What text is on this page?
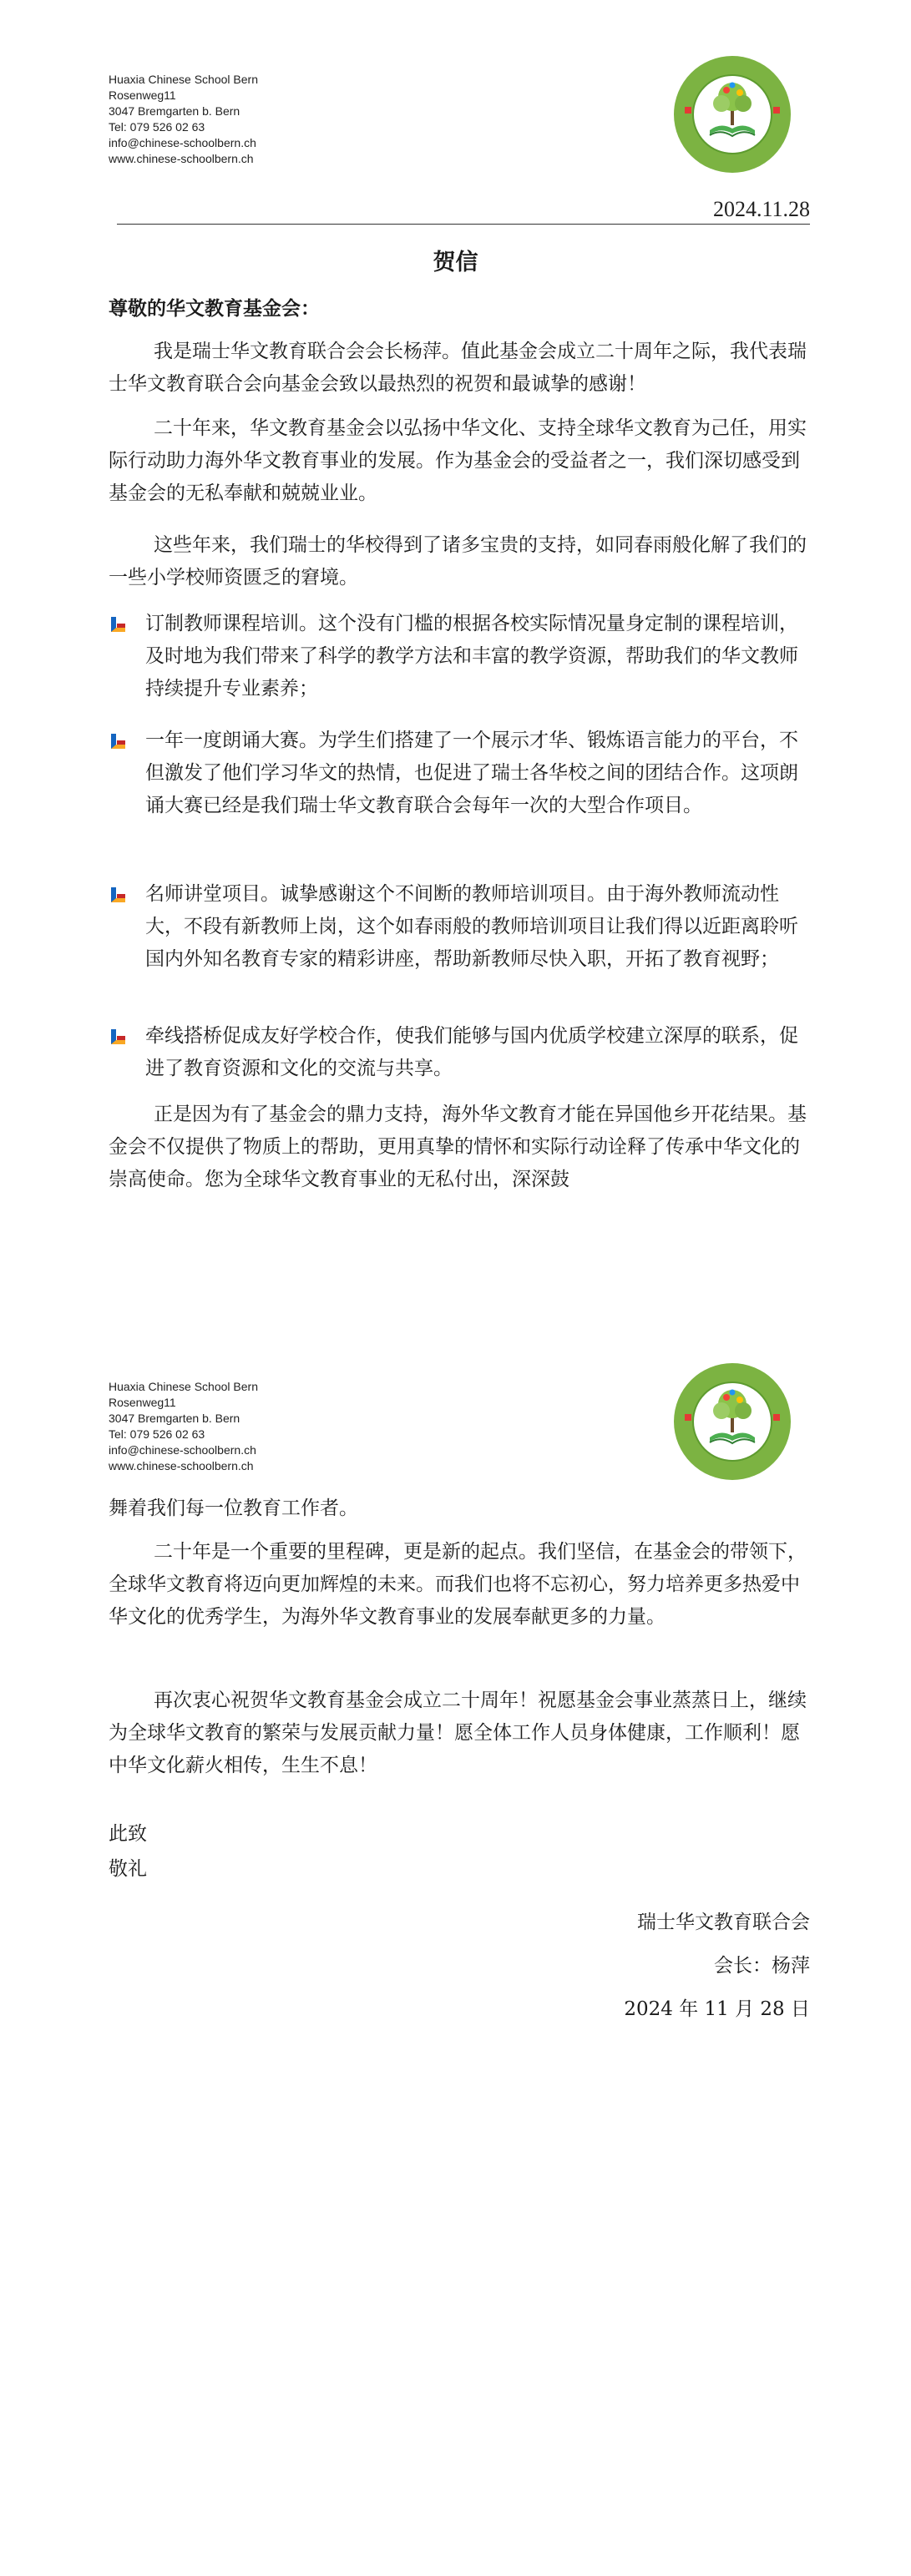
Huaxia Chinese School Bern
Rosenweg11
3047 Bremgarten b. Bern
Tel: 079 526 02 63
info@chinese-schoolbern.ch
www.chinese-schoolbern.ch
2024.11.28
贺信
尊敬的华文教育基金会：
我是瑞士华文教育联合会会长杨萍。值此基金会成立二十周年之际，我代表瑞士华文教育联合会向基金会致以最热烈的祝贺和最诚挚的感谢！
二十年来，华文教育基金会以弘扬中华文化、支持全球华文教育为己任，用实际行动助力海外华文教育事业的发展。作为基金会的受益者之一，我们深切感受到基金会的无私奉献和兢兢业业。
这些年来，我们瑞士的华校得到了诸多宝贵的支持，如同春雨般化解了我们的一些小学校师资匮乏的窘境。
订制教师课程培训。这个没有门槛的根据各校实际情况量身定制的课程培训，及时地为我们带来了科学的教学方法和丰富的教学资源，帮助我们的华文教师持续提升专业素养；
一年一度朗诵大赛。为学生们搭建了一个展示才华、锻炼语言能力的平台，不但激发了他们学习华文的热情，也促进了瑞士各华校之间的团结合作。这项朗诵大赛已经是我们瑞士华文教育联合会每年一次的大型合作项目。
名师讲堂项目。诚挚感谢这个不间断的教师培训项目。由于海外教师流动性大，不段有新教师上岗，这个如春雨般的教师培训项目让我们得以近距离聆听国内外知名教育专家的精彩讲座，帮助新教师尽快入职，开拓了教育视野；
牵线搭桥促成友好学校合作，使我们能够与国内优质学校建立深厚的联系，促进了教育资源和文化的交流与共享。
正是因为有了基金会的鼎力支持，海外华文教育才能在异国他乡开花结果。基金会不仅提供了物质上的帮助，更用真挚的情怀和实际行动诠释了传承中华文化的崇高使命。您为全球华文教育事业的无私付出，深深鼓
Huaxia Chinese School Bern
Rosenweg11
3047 Bremgarten b. Bern
Tel: 079 526 02 63
info@chinese-schoolbern.ch
www.chinese-schoolbern.ch
舞着我们每一位教育工作者。
二十年是一个重要的里程碑，更是新的起点。我们坚信，在基金会的带领下，全球华文教育将迈向更加辉煌的未来。而我们也将不忘初心，努力培养更多热爱中华文化的优秀学生，为海外华文教育事业的发展奉献更多的力量。
再次衷心祝贺华文教育基金会成立二十周年！祝愿基金会事业蒸蒸日上，继续为全球华文教育的繁荣与发展贡献力量！愿全体工作人员身体健康，工作顺利！愿中华文化薪火相传，生生不息！
此致
敬礼
瑞士华文教育联合会
会长：杨萍
2024 年 11 月 28 日
